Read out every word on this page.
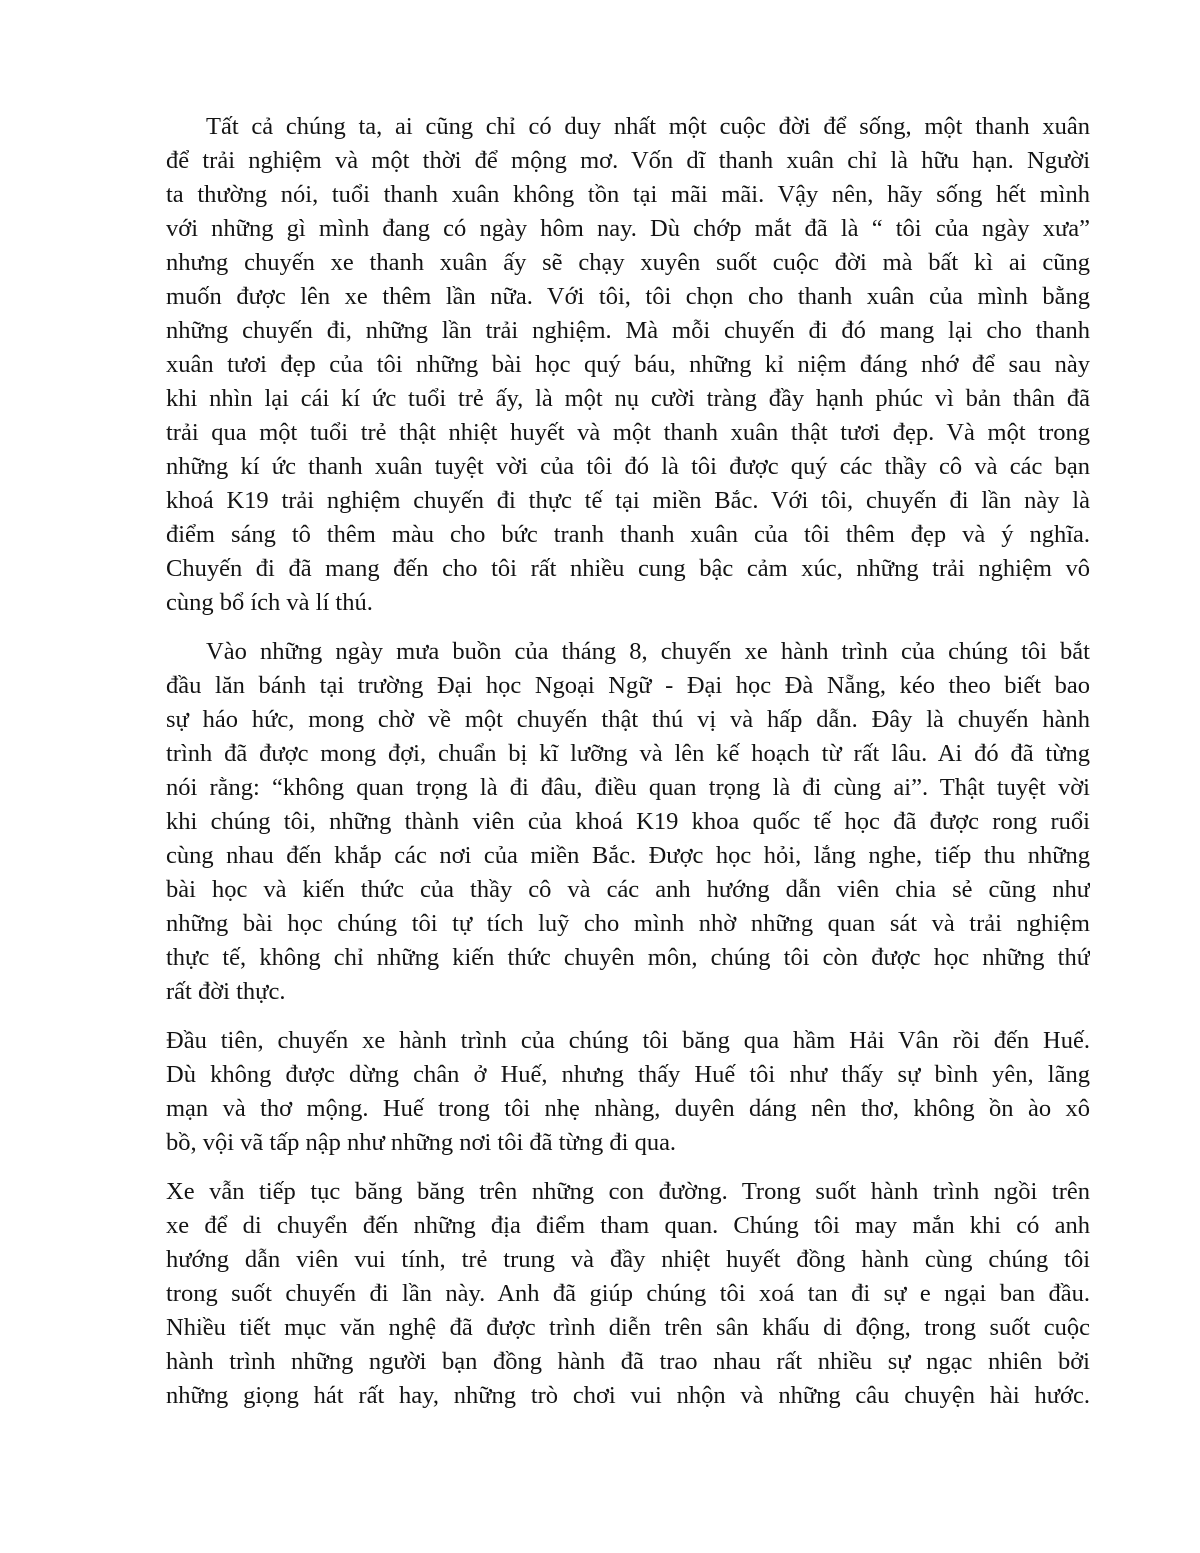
Tất cả chúng ta, ai cũng chỉ có duy nhất một cuộc đời để sống, một thanh xuân
để trải nghiệm và một thời để mộng mơ. Vốn dĩ thanh xuân chỉ là hữu hạn. Người
ta thường nói, tuổi thanh xuân không tồn tại mãi mãi. Vậy nên, hãy sống hết mình
với những gì mình đang có ngày hôm nay. Dù chớp mắt đã là “ tôi của ngày xưa”
nhưng chuyến xe thanh xuân ấy sẽ chạy xuyên suốt cuộc đời mà bất kì ai cũng
muốn được lên xe thêm lần nữa. Với tôi, tôi chọn cho thanh xuân của mình bằng
những chuyến đi, những lần trải nghiệm. Mà mỗi chuyến đi đó mang lại cho thanh
xuân tươi đẹp của tôi những bài học quý báu, những kỉ niệm đáng nhớ để sau này
khi nhìn lại cái kí ức tuổi trẻ ấy, là một nụ cười tràng đầy hạnh phúc vì bản thân đã
trải qua một tuổi trẻ thật nhiệt huyết và một thanh xuân thật tươi đẹp. Và một trong
những kí ức thanh xuân tuyệt vời của tôi đó là tôi được quý các thầy cô và các bạn
khoá K19 trải nghiệm chuyến đi thực tế tại miền Bắc. Với tôi, chuyến đi lần này là
điểm sáng tô thêm màu cho bức tranh thanh xuân của tôi thêm đẹp và ý nghĩa.
Chuyến đi đã mang đến cho tôi rất nhiều cung bậc cảm xúc, những trải nghiệm vô
cùng bổ ích và lí thú.
Vào những ngày mưa buồn của tháng 8, chuyến xe hành trình của chúng tôi bắt
đầu lăn bánh tại trường Đại học Ngoại Ngữ - Đại học Đà Nẵng, kéo theo biết bao
sự háo hức, mong chờ về một chuyến thật thú vị và hấp dẫn. Đây là chuyến hành
trình đã được mong đợi, chuẩn bị kĩ lưỡng và lên kế hoạch từ rất lâu. Ai đó đã từng
nói rằng: “không quan trọng là đi đâu, điều quan trọng là đi cùng ai”. Thật tuyệt vời
khi chúng tôi, những thành viên của khoá K19 khoa quốc tế học đã được rong ruổi
cùng nhau đến khắp các nơi của miền Bắc. Được học hỏi, lắng nghe, tiếp thu những
bài học và kiến thức của thầy cô và các anh hướng dẫn viên chia sẻ cũng như
những bài học chúng tôi tự tích luỹ cho mình nhờ những quan sát và trải nghiệm
thực tế, không chỉ những kiến thức chuyên môn, chúng tôi còn được học những thứ
rất đời thực.
Đầu tiên, chuyến xe hành trình của chúng tôi băng qua hầm Hải Vân rồi đến Huế.
Dù không được dừng chân ở Huế, nhưng thấy Huế tôi như thấy sự bình yên, lãng
mạn và thơ mộng. Huế trong tôi nhẹ nhàng, duyên dáng nên thơ, không ồn ào xô
bồ, vội vã tấp nập như những nơi tôi đã từng đi qua.
Xe vẫn tiếp tục băng băng trên những con đường. Trong suốt hành trình ngồi trên
xe để di chuyển đến những địa điểm tham quan. Chúng tôi may mắn khi có anh
hướng dẫn viên vui tính, trẻ trung và đầy nhiệt huyết đồng hành cùng chúng tôi
trong suốt chuyến đi lần này. Anh đã giúp chúng tôi xoá tan đi sự e ngại ban đầu.
Nhiều tiết mục văn nghệ đã được trình diễn trên sân khấu di động, trong suốt cuộc
hành trình những người bạn đồng hành đã trao nhau rất nhiều sự ngạc nhiên bởi
những giọng hát rất hay, những trò chơi vui nhộn và những câu chuyện hài hước.
